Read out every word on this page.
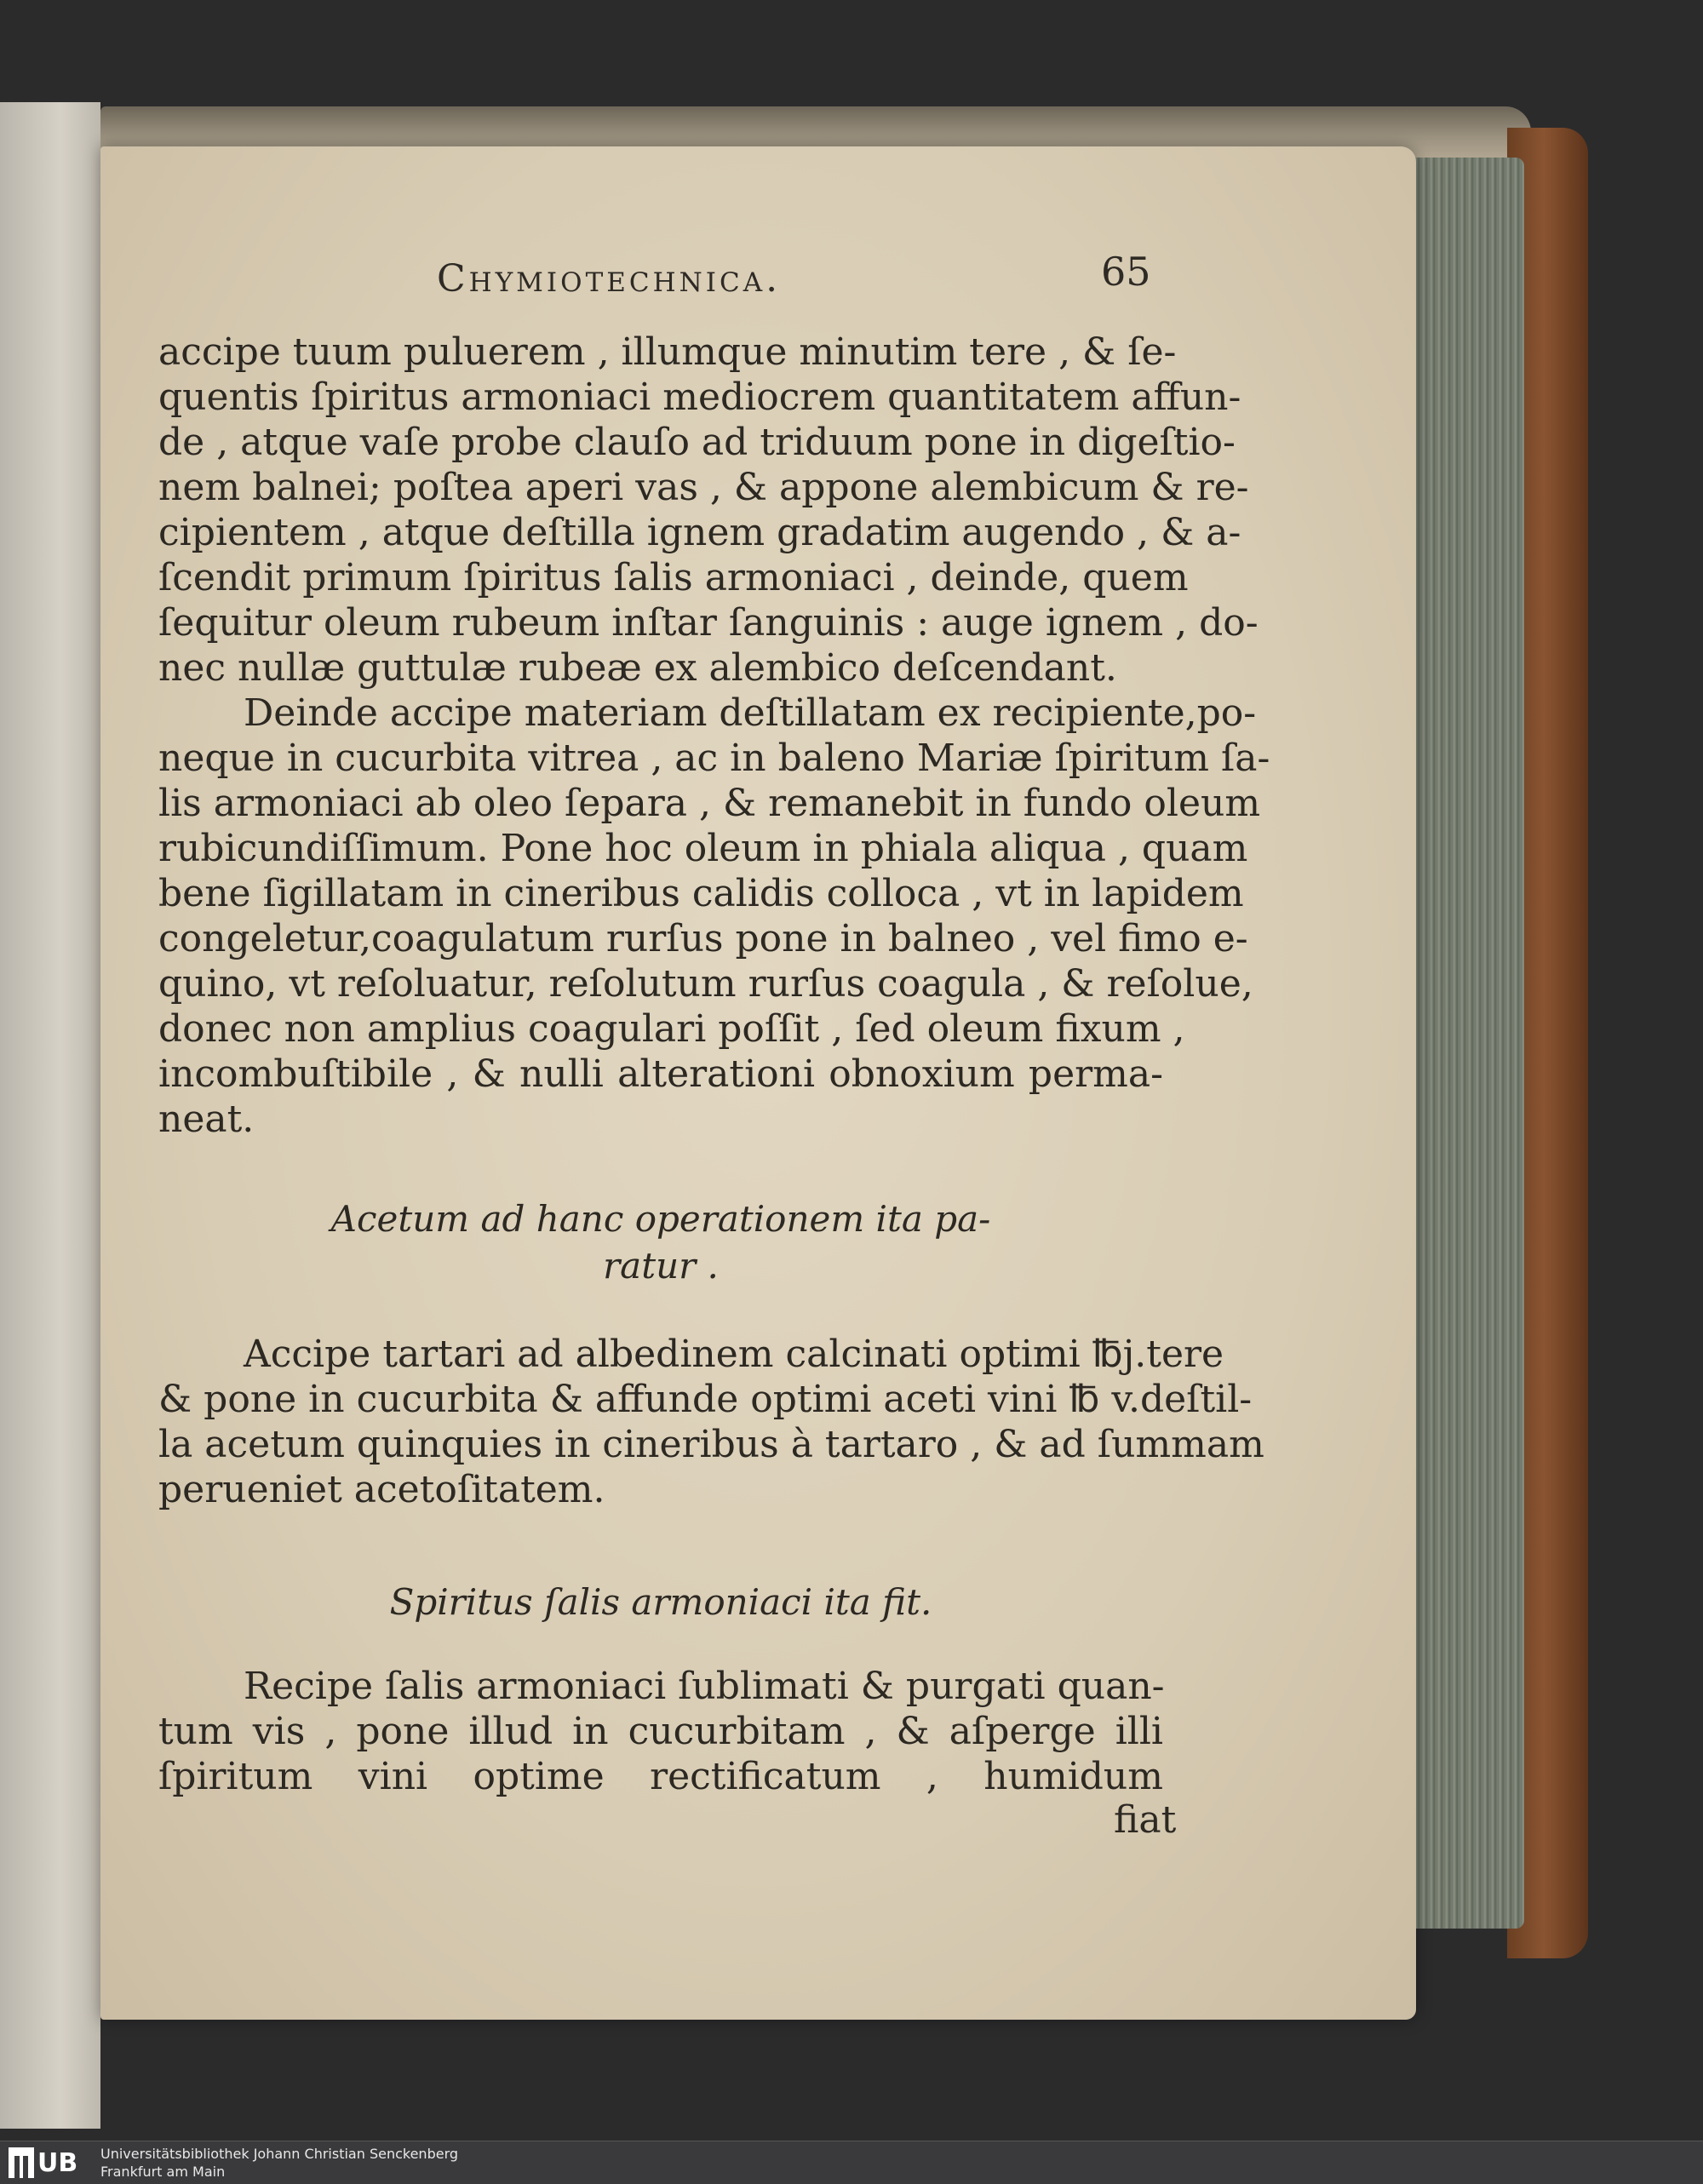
Chymiotechnica.	65
accipe tuum puluerem , illumque minutim tere , & ſe-
quentis ſpiritus armoniaci mediocrem quantitatem affun-
de , atque vaſe probe clauſo ad triduum pone in digeſtio-
nem balnei; poſtea aperi vas , & appone alembicum & re-
cipientem , atque deſtilla ignem gradatim augendo , & a-
ſcendit primum ſpiritus ſalis armoniaci , deinde, quem
ſequitur oleum rubeum inſtar ſanguinis : auge ignem , do-
nec nullæ guttulæ rubeæ ex alembico deſcendant.
Deinde accipe materiam deſtillatam ex recipiente,po-
neque in cucurbita vitrea , ac in baleno Mariæ ſpiritum ſa-
lis armoniaci ab oleo ſepara , & remanebit in fundo oleum
rubicundiſſimum. Pone hoc oleum in phiala aliqua , quam
bene ſigillatam in cineribus calidis colloca , vt in lapidem
congeletur,coagulatum rurſus pone in balneo , vel fimo e-
quino, vt reſoluatur, reſolutum rurſus coagula , & reſolue,
donec non amplius coagulari poſſit , ſed oleum fixum ,
incombuſtibile , & nulli alterationi obnoxium perma-
neat.
Acetum ad hanc operationem ita pa-
ratur .
Accipe tartari ad albedinem calcinati optimi ℔j.tere
& pone in cucurbita & affunde optimi aceti vini ℔ v.deſtil-
la acetum quinquies in cineribus à tartaro , & ad ſummam
perueniet acetoſitatem.
Spiritus ſalis armoniaci ita fit.
Recipe ſalis armoniaci ſublimati & purgati quan-
tum vis , pone illud in cucurbitam , & aſperge illi
ſpiritum vini optime rectificatum , humidum
fiat
UB Universitätsbibliothek Johann Christian Senckenberg
Frankfurt am Main
